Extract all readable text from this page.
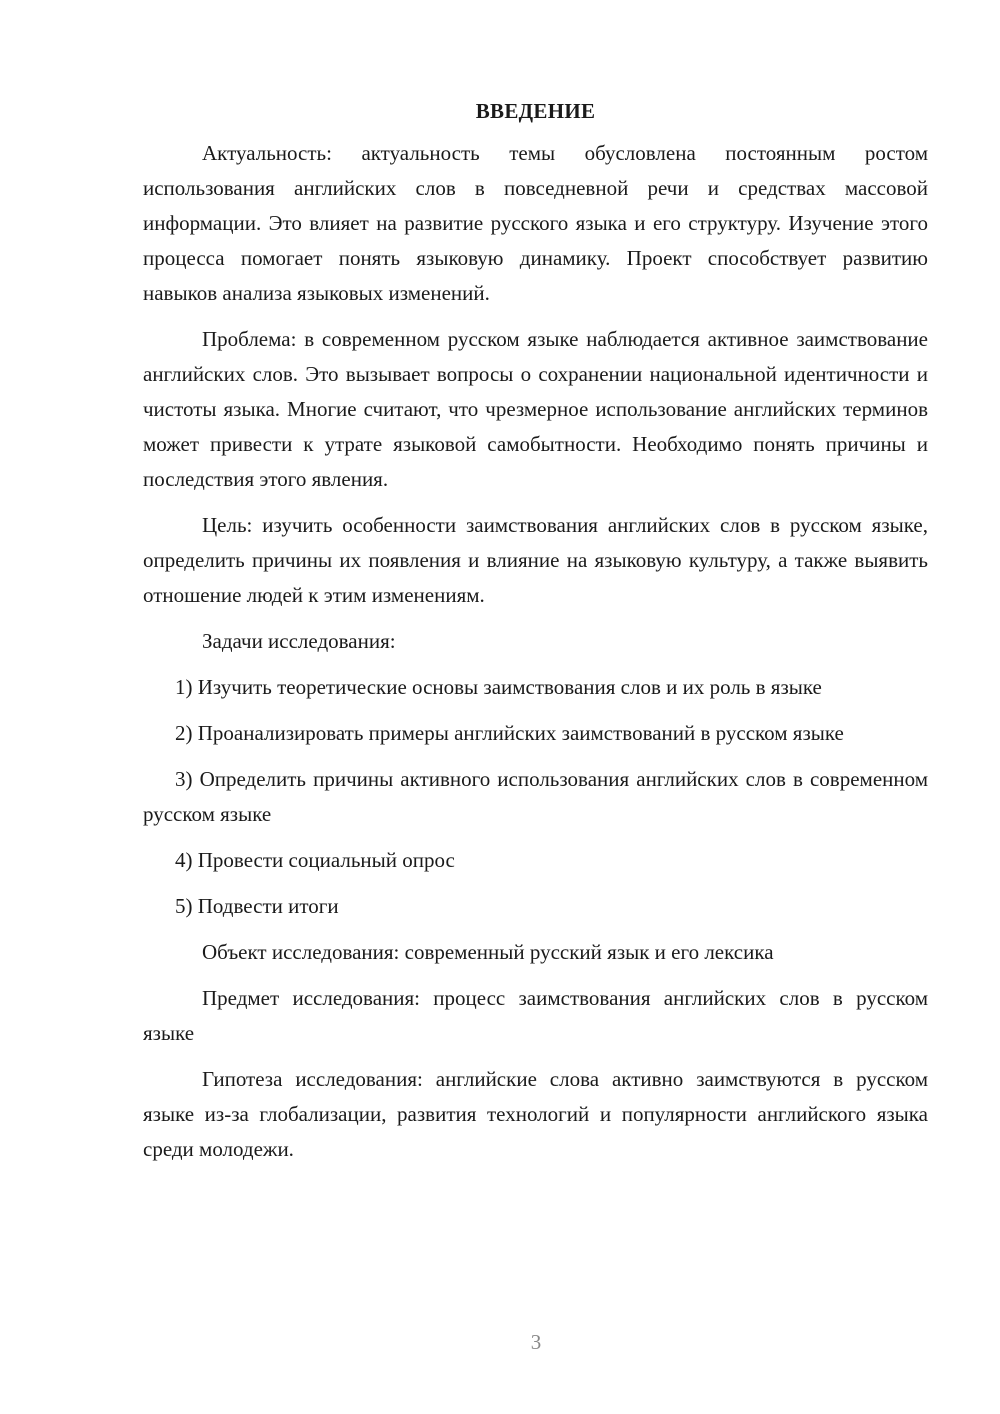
ВВЕДЕНИЕ

Актуальность: актуальность темы обусловлена постоянным ростом использования английских слов в повседневной речи и средствах массовой информации. Это влияет на развитие русского языка и его структуру. Изучение этого процесса помогает понять языковую динамику. Проект способствует развитию навыков анализа языковых изменений.

Проблема: в современном русском языке наблюдается активное заимствование английских слов. Это вызывает вопросы о сохранении национальной идентичности и чистоты языка. Многие считают, что чрезмерное использование английских терминов может привести к утрате языковой самобытности. Необходимо понять причины и последствия этого явления.

Цель: изучить особенности заимствования английских слов в русском языке, определить причины их появления и влияние на языковую культуру, а также выявить отношение людей к этим изменениям.

Задачи исследования:

1) Изучить теоретические основы заимствования слов и их роль в языке

2) Проанализировать примеры английских заимствований в русском языке

3) Определить причины активного использования английских слов в современном русском языке

4) Провести социальный опрос

5) Подвести итоги

Объект исследования: современный русский язык и его лексика

Предмет исследования: процесс заимствования английских слов в русском языке

Гипотеза исследования: английские слова активно заимствуются в русском языке из-за глобализации, развития технологий и популярности английского языка среди молодежи.

3
